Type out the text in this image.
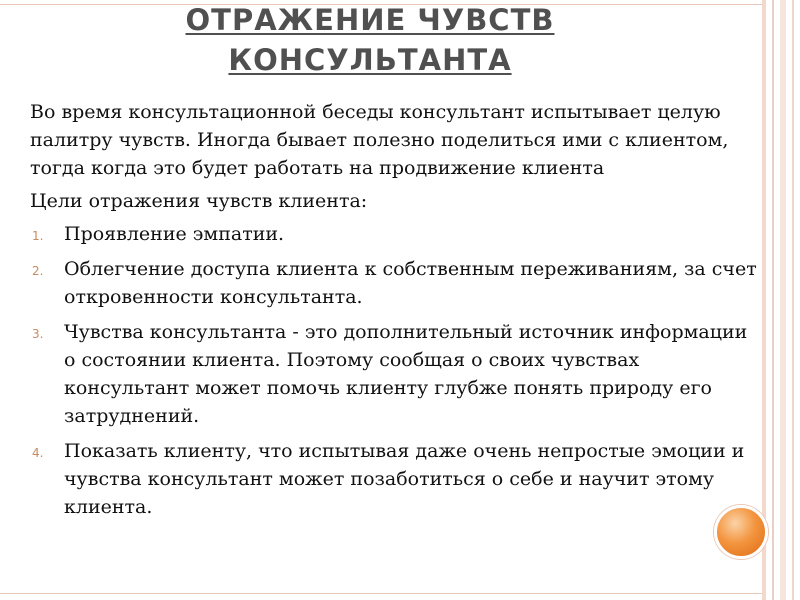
ОТРАЖЕНИЕ ЧУВСТВ
КОНСУЛЬТАНТА

Во время консультационной беседы консультант испытывает целую палитру чувств. Иногда бывает полезно поделиться ими с клиентом, тогда когда это будет работать на продвижение клиента

Цели отражения чувств клиента:

1. Проявление эмпатии.
2. Облегчение доступа клиента к собственным переживаниям, за счет откровенности консультанта.
3. Чувства консультанта - это дополнительный источник информации о состоянии клиента. Поэтому сообщая о своих чувствах консультант может помочь клиенту глубже понять природу его затруднений.
4. Показать клиенту, что испытывая даже очень непростые эмоции и чувства консультант может позаботиться о себе и научит этому клиента.
